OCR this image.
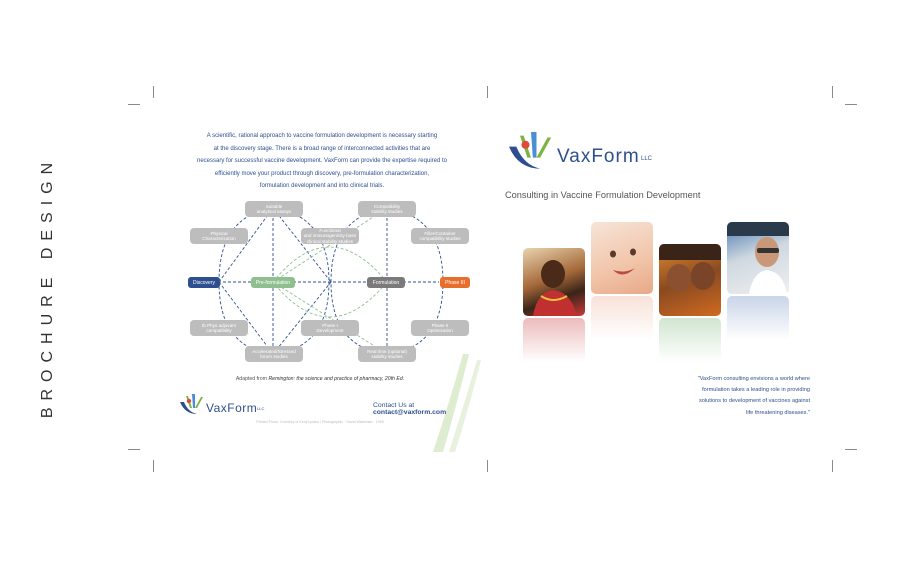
BROCHURE DESIGN

A scientific, rational approach to vaccine formulation development is necessary starting

at the discovery stage. There is a broad range of interconnected activities that are

necessary for successful vaccine development. VaxForm can provide the expertise required to

efficiently move your product through discovery, pre-formulation characterization,

formulation development and into clinical trials.

Suitable
analytical assays
Compatibility
stability studies
Physical
Characterization
Functional
and immunogenicity-base
clinical stability studies
Filler/Container
compatibility studies
Discovery	Pre-formulation	Formulation	Phase III
Ib Phys adjuvant
compatibility
Phase I
Development
Phase II
Optimization
Accelerated/Stressed
forum studies
Real time (optional)
stability studies
Adapted from Remington: the science and practice of pharmacy, 20th Ed.
VaxForm LLC	Contact Us at contact@vaxform.com
Printed Photo: Courtesy of Kenji Iyoaku / Photographic · David Wakeman · 1995
VaxForm LLC
Consulting in Vaccine Formulation Development
"VaxForm consulting envisions a world where
formulation takes a leading role in providing
solutions to development of vaccines against
life threatening diseases."
